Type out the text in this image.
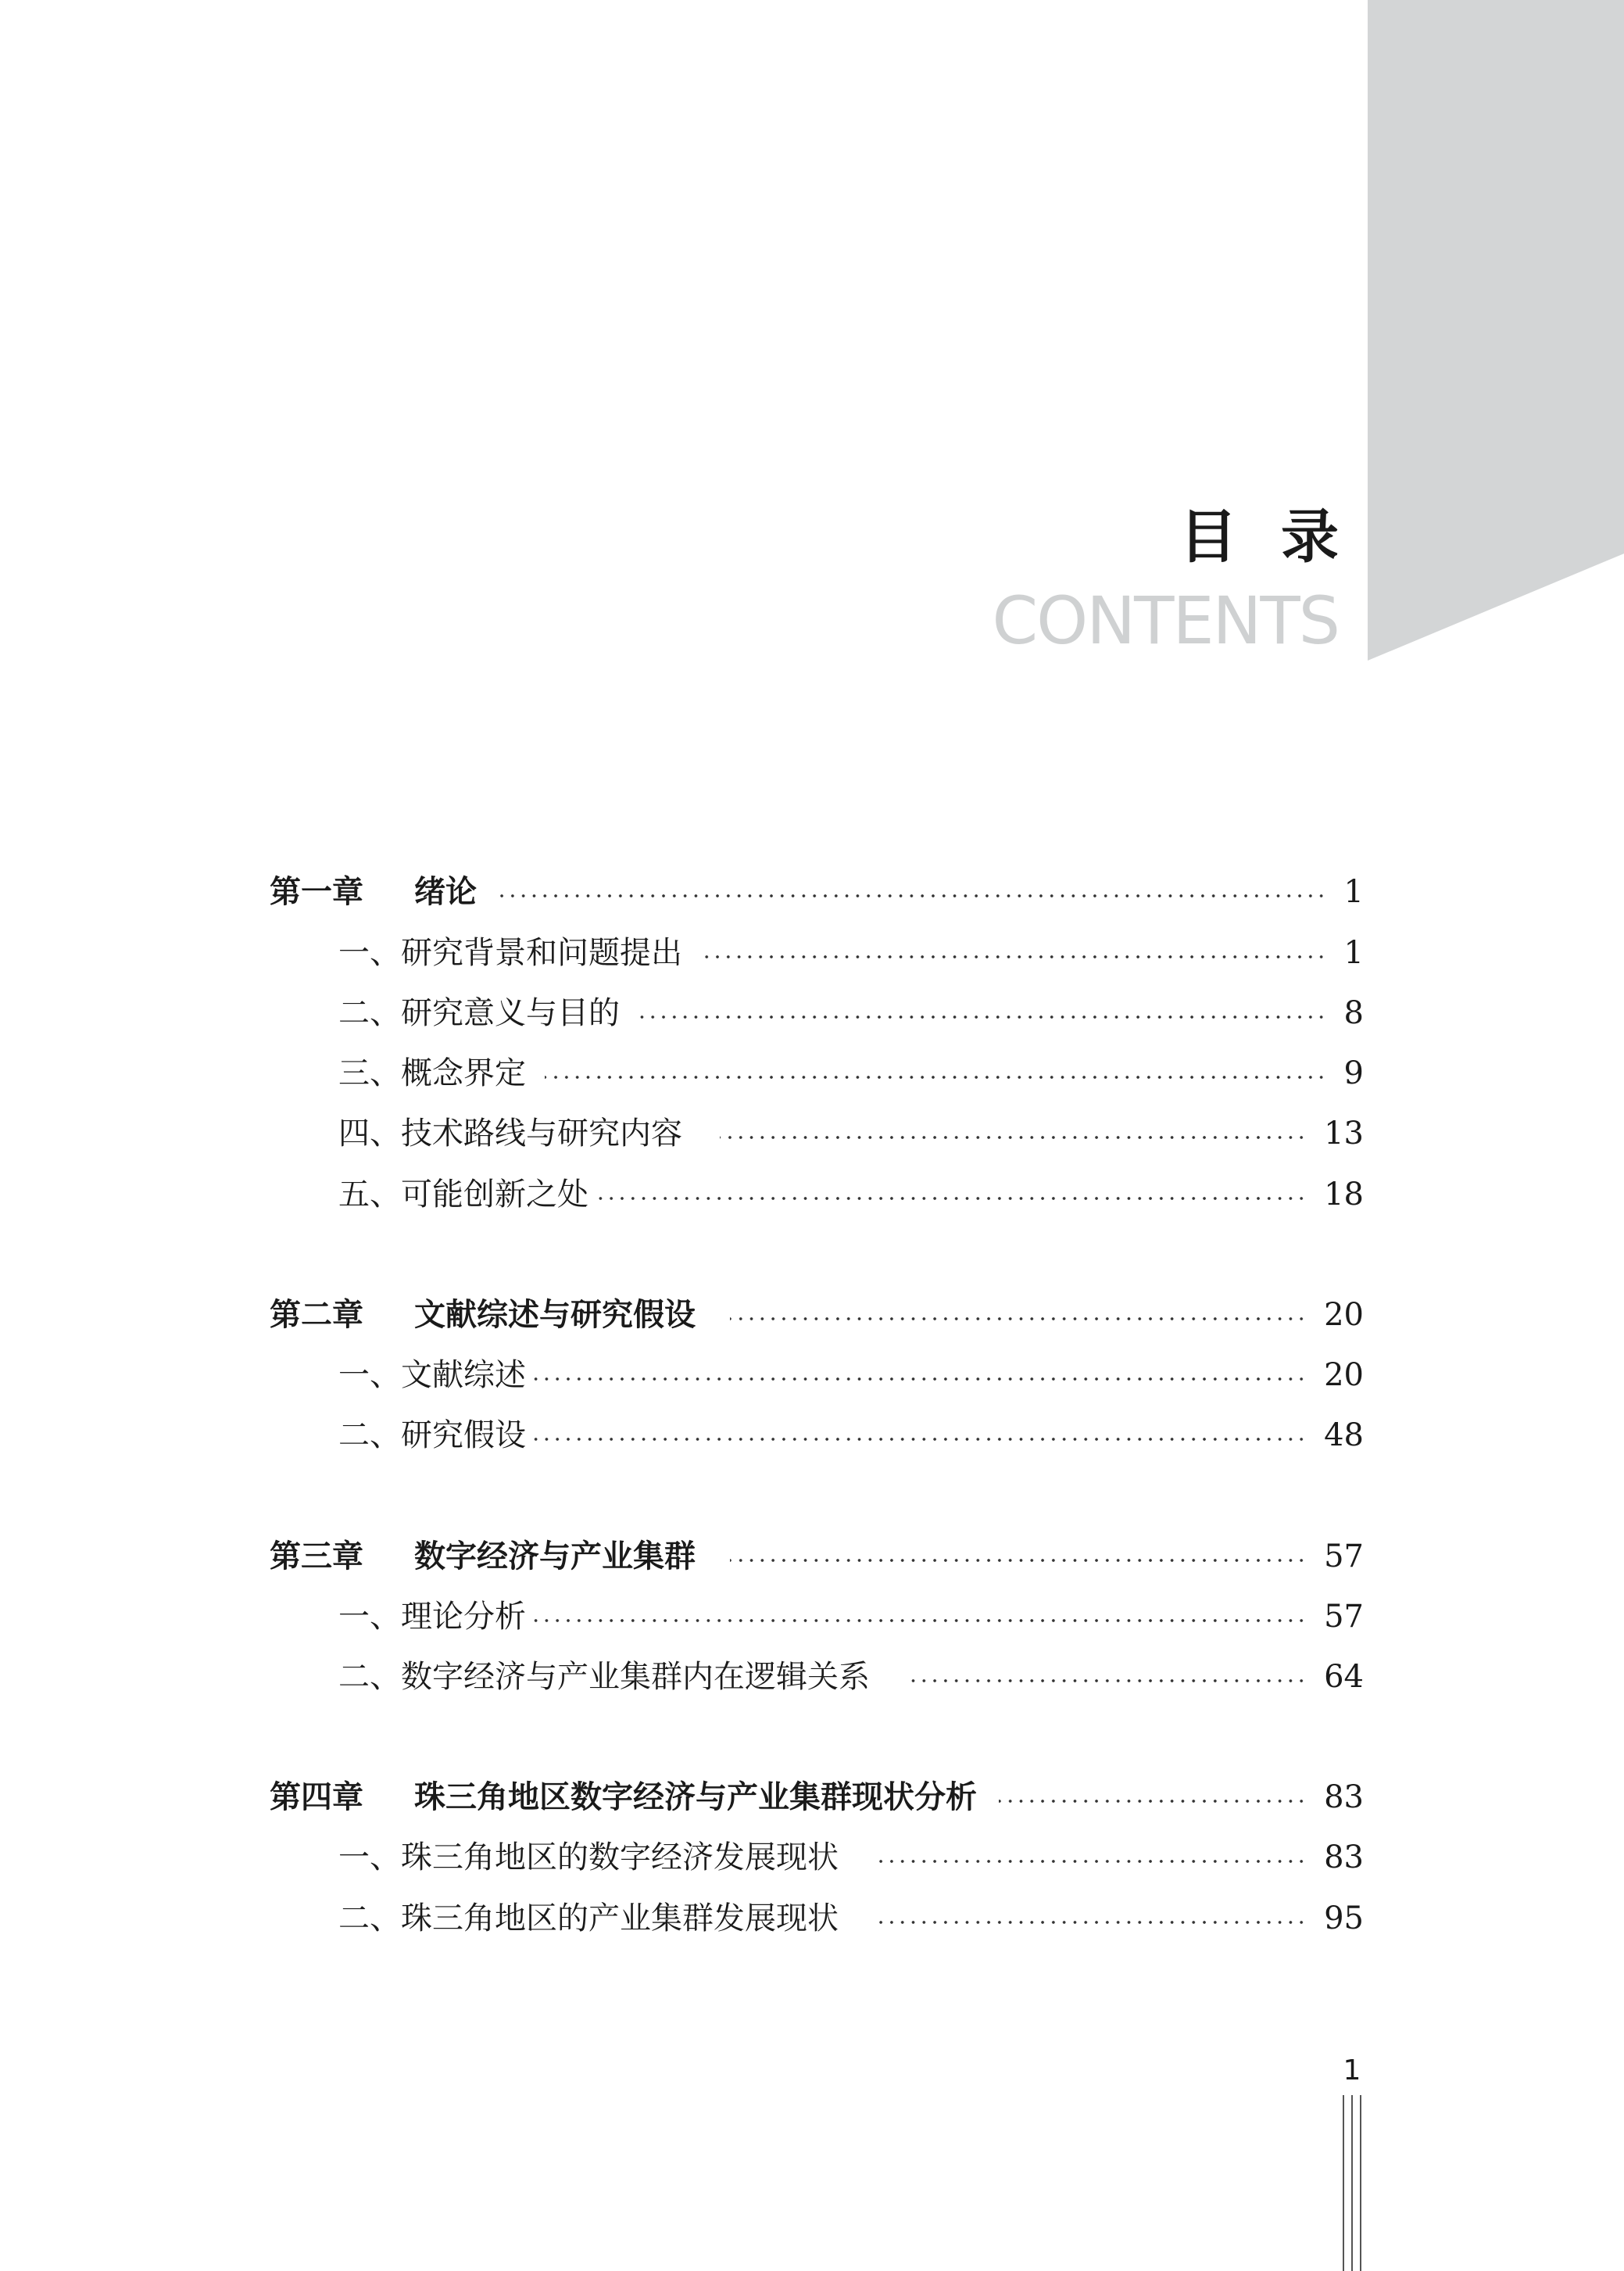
目录
CONTENTS
第一章	绪论	1
一、研究背景和问题提出	1
二、研究意义与目的	8
三、概念界定	9
四、技术路线与研究内容	13
五、可能创新之处	18
第二章	文献综述与研究假设	20
一、文献综述	20
二、研究假设	48
第三章	数字经济与产业集群	57
一、理论分析	57
二、数字经济与产业集群内在逻辑关系	64
第四章	珠三角地区数字经济与产业集群现状分析	83
一、珠三角地区的数字经济发展现状	83
二、珠三角地区的产业集群发展现状	95
1
